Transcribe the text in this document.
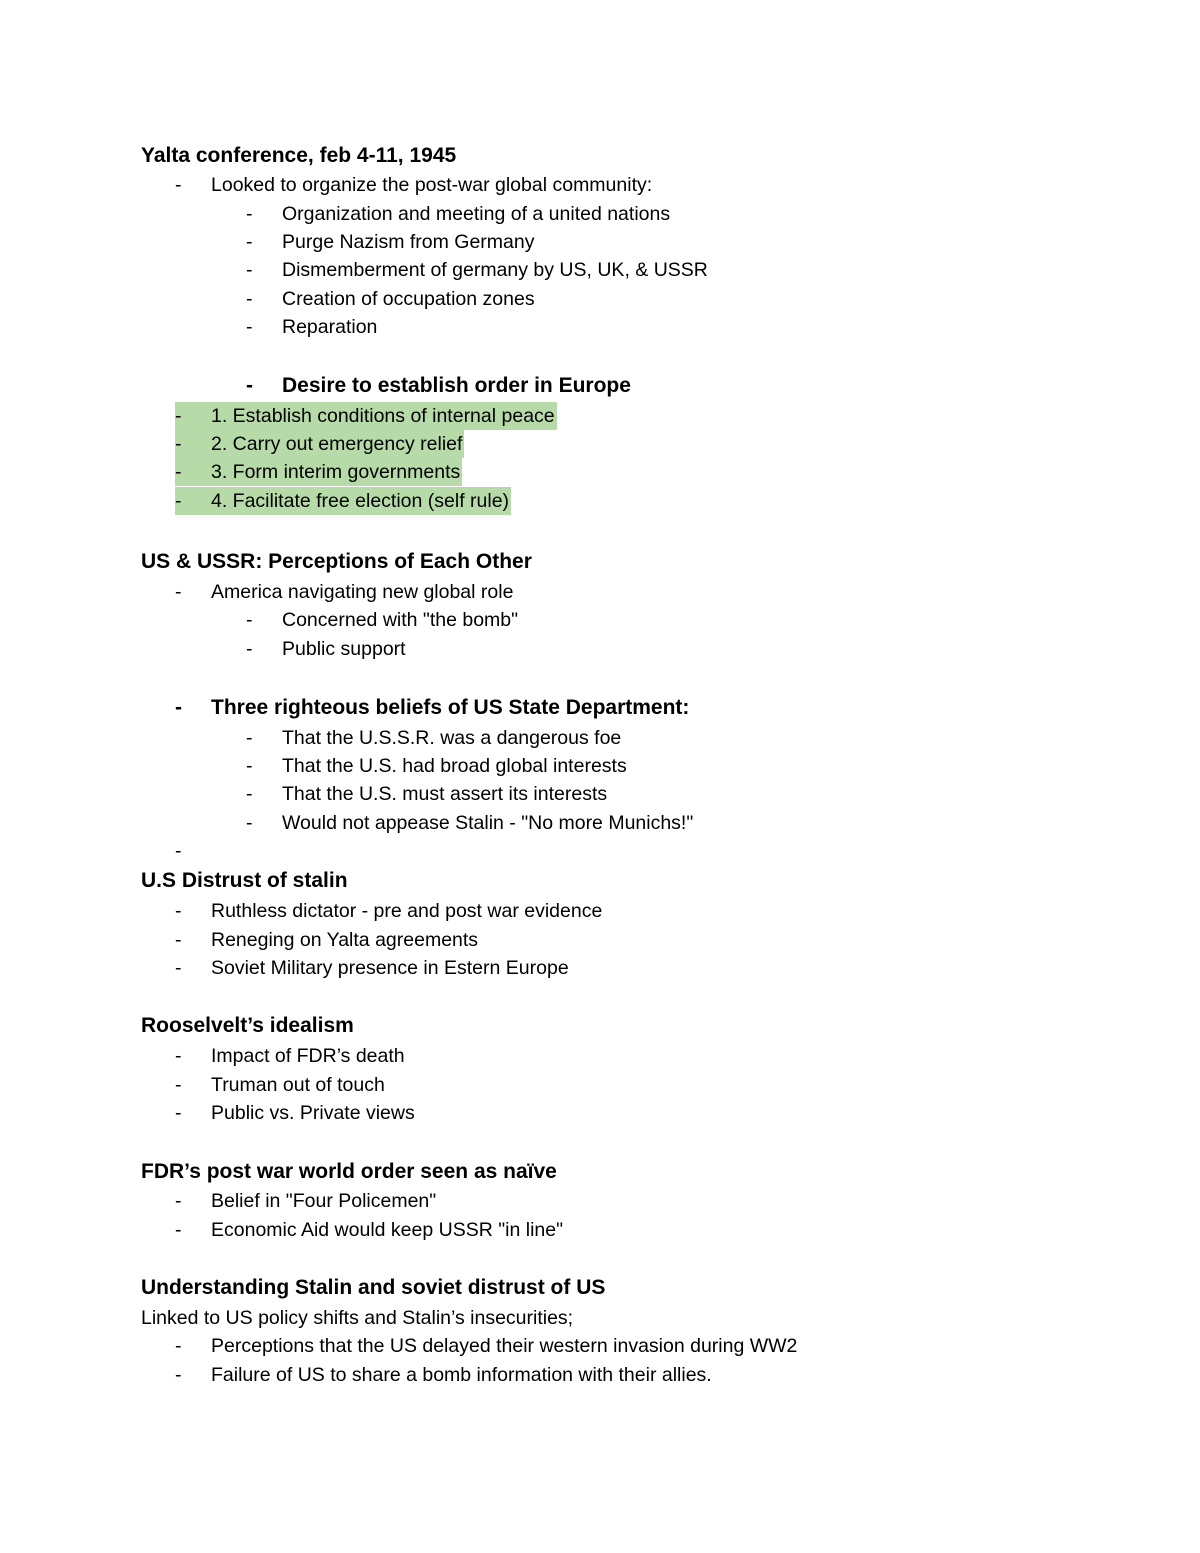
Yalta conference, feb 4-11, 1945
- Looked to organize the post-war global community:
- Organization and meeting of a united nations
- Purge Nazism from Germany
- Dismemberment of germany by US, UK, & USSR
- Creation of occupation zones
- Reparation
- Desire to establish order in Europe
- 1. Establish conditions of internal peace
- 2. Carry out emergency relief
- 3. Form interim governments
- 4. Facilitate free election (self rule)
US & USSR: Perceptions of Each Other
- America navigating new global role
- Concerned with "the bomb"
- Public support
- Three righteous beliefs of US State Department:
- That the U.S.S.R. was a dangerous foe
- That the U.S. had broad global interests
- That the U.S. must assert its interests
- Would not appease Stalin - "No more Munichs!"
-
U.S Distrust of stalin
- Ruthless dictator - pre and post war evidence
- Reneging on Yalta agreements
- Soviet Military presence in Estern Europe
Rooselvelt’s idealism
- Impact of FDR’s death
- Truman out of touch
- Public vs. Private views
FDR’s post war world order seen as naïve
- Belief in "Four Policemen"
- Economic Aid would keep USSR "in line"
Understanding Stalin and soviet distrust of US
Linked to US policy shifts and Stalin’s insecurities;
- Perceptions that the US delayed their western invasion during WW2
- Failure of US to share a bomb information with their allies.
